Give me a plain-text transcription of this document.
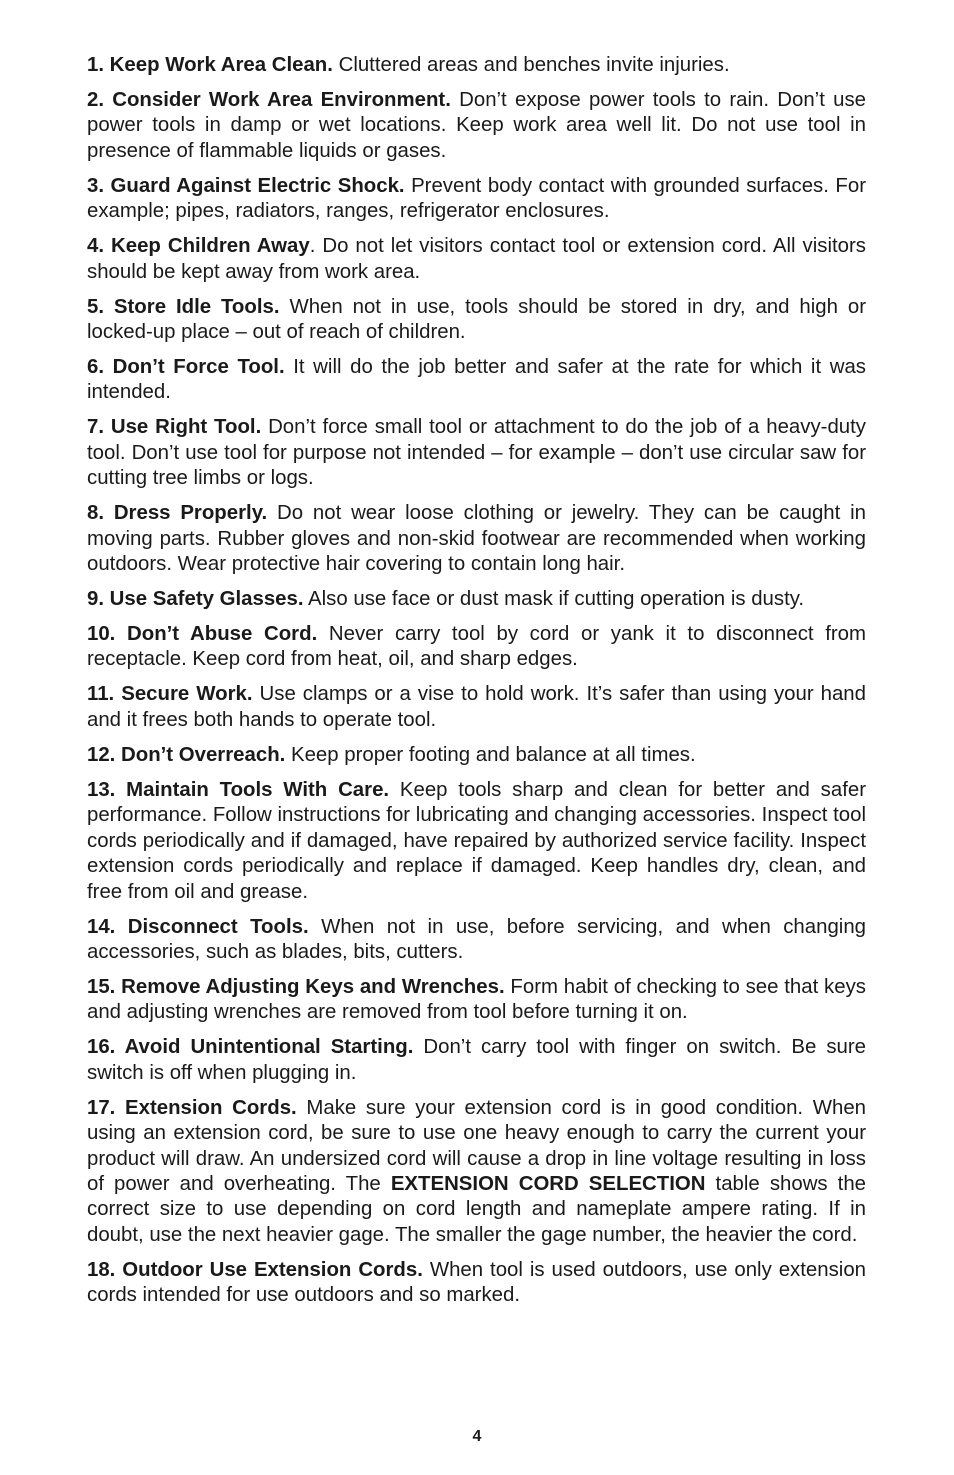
1. Keep Work Area Clean. Cluttered areas and benches invite injuries.

2. Consider Work Area Environment. Don’t expose power tools to rain. Don’t use power tools in damp or wet locations. Keep work area well lit. Do not use tool in presence of flammable liquids or gases.

3. Guard Against Electric Shock. Prevent body contact with grounded surfaces. For example; pipes, radiators, ranges, refrigerator enclosures.

4. Keep Children Away. Do not let visitors contact tool or extension cord. All visitors should be kept away from work area.

5. Store Idle Tools. When not in use, tools should be stored in dry, and high or locked-up place – out of reach of children.

6. Don’t Force Tool. It will do the job better and safer at the rate for which it was intended.

7. Use Right Tool. Don’t force small tool or attachment to do the job of a heavy-duty tool. Don’t use tool for purpose not intended – for example – don’t use circular saw for cutting tree limbs or logs.

8. Dress Properly. Do not wear loose clothing or jewelry. They can be caught in moving parts. Rubber gloves and non-skid footwear are recommended when working outdoors. Wear protective hair covering to contain long hair.

9. Use Safety Glasses. Also use face or dust mask if cutting operation is dusty.

10. Don’t Abuse Cord. Never carry tool by cord or yank it to disconnect from receptacle. Keep cord from heat, oil, and sharp edges.

11. Secure Work. Use clamps or a vise to hold work. It’s safer than using your hand and it frees both hands to operate tool.

12. Don’t Overreach. Keep proper footing and balance at all times.

13. Maintain Tools With Care. Keep tools sharp and clean for better and safer performance. Follow instructions for lubricating and changing accessories. Inspect tool cords periodically and if damaged, have repaired by authorized service facility. Inspect extension cords periodically and replace if damaged. Keep handles dry, clean, and free from oil and grease.

14. Disconnect Tools. When not in use, before servicing, and when changing accessories, such as blades, bits, cutters.

15. Remove Adjusting Keys and Wrenches. Form habit of checking to see that keys and adjusting wrenches are removed from tool before turning it on.

16. Avoid Unintentional Starting. Don’t carry tool with finger on switch. Be sure switch is off when plugging in.

17. Extension Cords. Make sure your extension cord is in good condition. When using an extension cord, be sure to use one heavy enough to carry the current your product will draw. An undersized cord will cause a drop in line voltage resulting in loss of power and overheating. The EXTENSION CORD SELECTION table shows the correct size to use depending on cord length and nameplate ampere rating. If in doubt, use the next heavier gage. The smaller the gage number, the heavier the cord.

18. Outdoor Use Extension Cords. When tool is used outdoors, use only extension cords intended for use outdoors and so marked.

4
